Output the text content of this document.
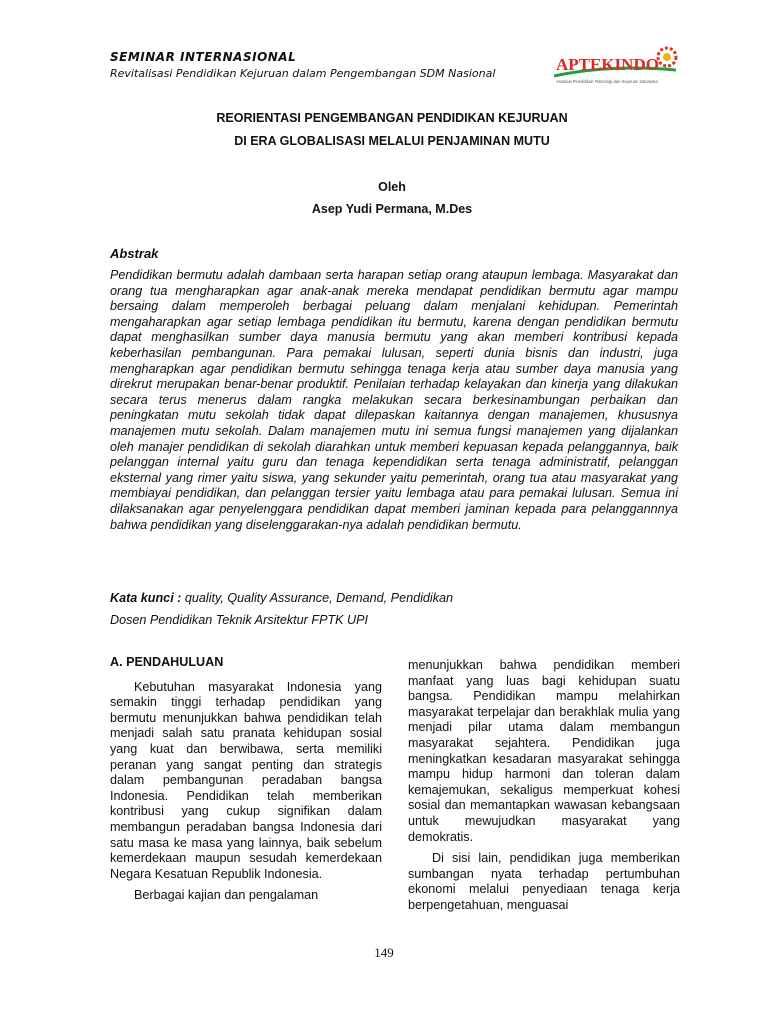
SEMINAR INTERNASIONAL
Revitalisasi Pendidikan Kejuruan dalam Pengembangan SDM Nasional	APTEKINDO
Asosiasi Pendidikan Teknologi dan Kejuruan Indonesia
REORIENTASI PENGEMBANGAN PENDIDIKAN KEJURUAN
DI ERA GLOBALISASI MELALUI PENJAMINAN MUTU
Oleh
Asep Yudi Permana, M.Des
Abstrak
Pendidikan bermutu adalah dambaan serta harapan setiap orang ataupun lembaga. Masyarakat dan orang tua mengharapkan agar anak-anak mereka mendapat pendidikan bermutu agar mampu bersaing dalam memperoleh berbagai peluang dalam menjalani kehidupan. Pemerintah mengaharapkan agar setiap lembaga pendidikan itu bermutu, karena dengan pendidikan bermutu dapat menghasilkan sumber daya manusia bermutu yang akan memberi kontribusi kepada keberhasilan pembangunan. Para pemakai lulusan, seperti dunia bisnis dan industri, juga mengharapkan agar pendidikan bermutu sehingga tenaga kerja atau sumber daya manusia yang direkrut merupakan benar-benar produktif. Penilaian terhadap kelayakan dan kinerja yang dilakukan secara terus menerus dalam rangka melakukan secara berkesinambungan perbaikan dan peningkatan mutu sekolah tidak dapat dilepaskan kaitannya dengan manajemen, khususnya manajemen mutu sekolah. Dalam manajemen mutu ini semua fungsi manajemen yang dijalankan oleh manajer pendidikan di sekolah diarahkan untuk memberi kepuasan kepada pelanggannya, baik pelanggan internal yaitu guru dan tenaga kependidikan serta tenaga administratif, pelanggan eksternal yang rimer yaitu siswa, yang sekunder yaitu pemerintah, orang tua atau masyarakat yang membiayai pendidikan, dan pelanggan tersier yaitu lembaga atau para pemakai lulusan. Semua ini dilaksanakan agar penyelenggara pendidikan dapat memberi jaminan kepada para pelanggannnya bahwa pendidikan yang diselenggarakan-nya adalah pendidikan bermutu.
Kata kunci : quality, Quality Assurance, Demand, Pendidikan
Dosen Pendidikan Teknik Arsitektur FPTK UPI
A. PENDAHULUAN

Kebutuhan masyarakat Indonesia yang semakin tinggi terhadap pendidikan yang bermutu menunjukkan bahwa pendidikan telah menjadi salah satu pranata kehidupan sosial yang kuat dan berwibawa, serta memiliki peranan yang sangat penting dan strategis dalam pembangunan peradaban bangsa Indonesia. Pendidikan telah memberikan kontribusi yang cukup signifikan dalam membangun peradaban bangsa Indonesia dari satu masa ke masa yang lainnya, baik sebelum kemerdekaan maupun sesudah kemerdekaan Negara Kesatuan Republik Indonesia.

Berbagai kajian dan pengalaman

menunjukkan bahwa pendidikan memberi manfaat yang luas bagi kehidupan suatu bangsa. Pendidikan mampu melahirkan masyarakat terpelajar dan berakhlak mulia yang menjadi pilar utama dalam membangun masyarakat sejahtera. Pendidikan juga meningkatkan kesadaran masyarakat sehingga mampu hidup harmoni dan toleran dalam kemajemukan, sekaligus memperkuat kohesi sosial dan memantapkan wawasan kebangsaan untuk mewujudkan masyarakat yang demokratis.

Di sisi lain, pendidikan juga memberikan sumbangan nyata terhadap pertumbuhan ekonomi melalui penyediaan tenaga kerja berpengetahuan, menguasai

149
